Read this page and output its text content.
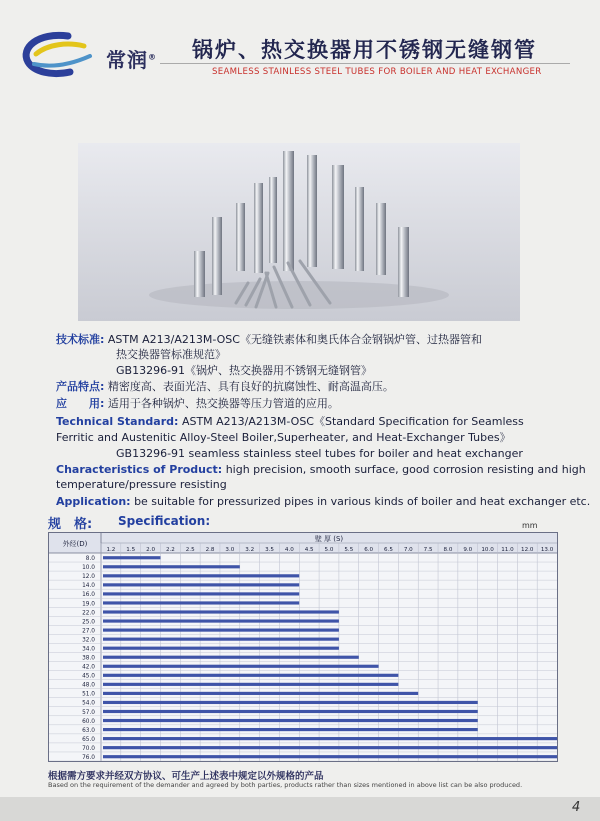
常润® 锅炉、热交换器用不锈钢无缝钢管
SEAMLESS STAINLESS STEEL TUBES FOR BOILER AND HEAT EXCHANGER
技术标准: ASTM A213/A213M-OSC《无缝铁素体和奥氏体合金钢锅炉管、过热器管和
热交换器管标准规范》
GB13296-91《锅炉、热交换器用不锈钢无缝钢管》
产品特点: 精密度高、表面光洁、具有良好的抗腐蚀性、耐高温高压。
应　　用: 适用于各种锅炉、热交换器等压力管道的应用。
Technical Standard: ASTM A213/A213M-OSC《Standard Specification for Seamless
Ferritic and Austenitic Alloy-Steel Boiler,Superheater, and Heat-Exchanger Tubes》
GB13296-91 seamless stainless steel tubes for boiler and heat exchanger
Characteristics of Product: high precision, smooth surface, good corrosion resisting and high
temperature/pressure resisting
Application: be suitable for pressurized pipes in various kinds of boiler and heat exchanger etc.
规　格: Specification:	mm
外经(D)
壁 厚 (S)
1.2 1.5 2.0 2.2 2.5 2.8 3.0 3.2 3.5 4.0 4.5 5.0 5.5 6.0 6.5 7.0 7.5 8.0 9.0 10.0 11.0 12.0 13.0
8.0
10.0
12.0
14.0
16.0
19.0
22.0
25.0
27.0
32.0
34.0
38.0
42.0
45.0
48.0
51.0
54.0
57.0
60.0
63.0
65.0
70.0
76.0
根据需方要求并经双方协议、可生产上述表中规定以外规格的产品
Based on the requirement of the demander and agreed by both parties, products rather than sizes mentioned in above list can be also produced.
4
